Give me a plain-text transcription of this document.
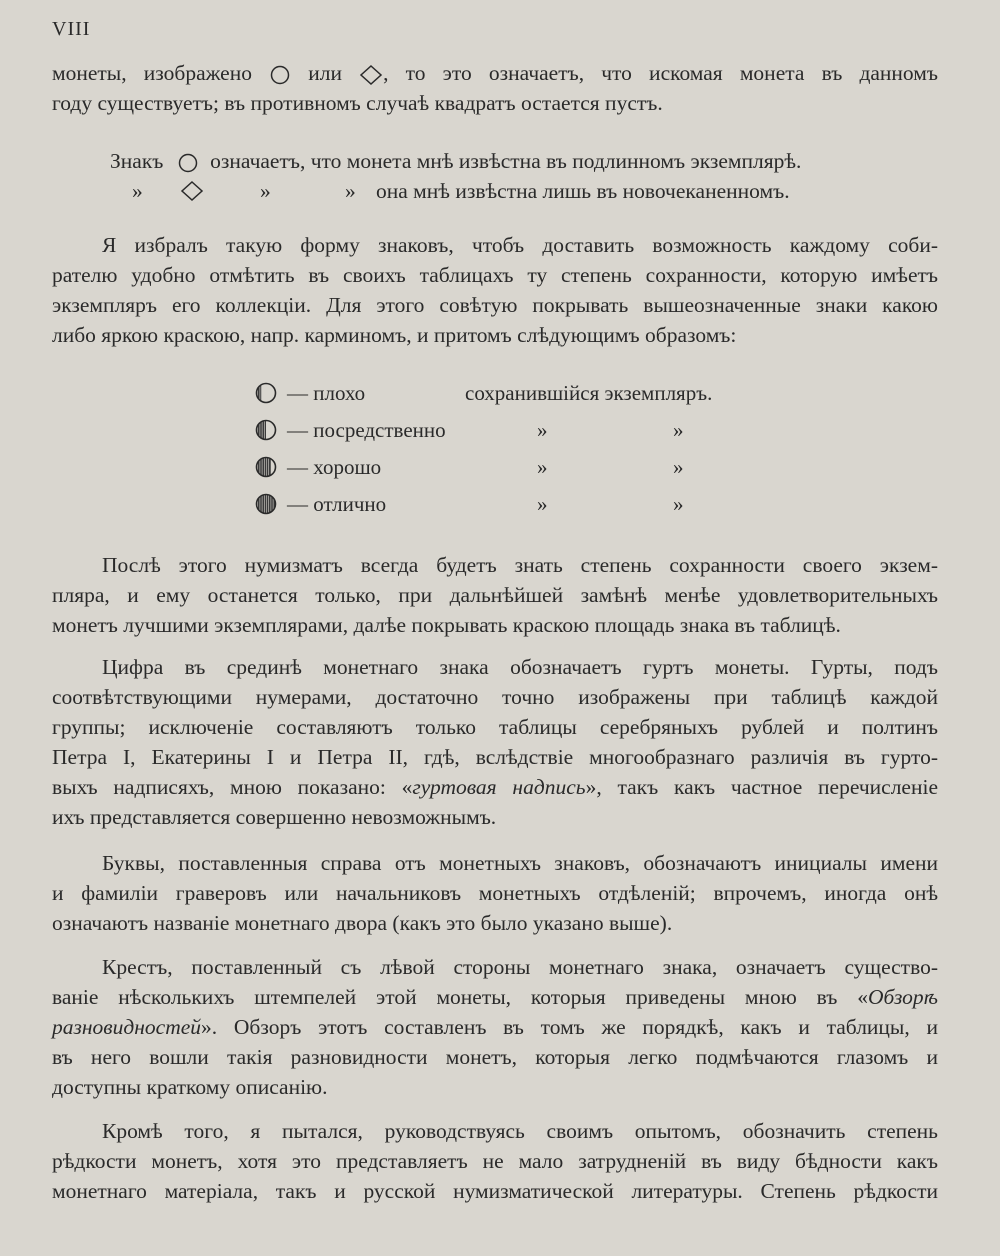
VIII
монеты, изображено	или , то это означаетъ, что искомая монета въ данномъ
году существуетъ; въ противномъ случаѣ квадратъ остается пустъ.
Знакъ означаетъ, что монета мнѣ извѣстна въ подлинномъ экземплярѣ.
»	»	» она мнѣ извѣстна лишь въ новочеканенномъ.
Я избралъ такую форму знаковъ, чтобъ доставить возможность каждому соби-
рателю удобно отмѣтить въ своихъ таблицахъ ту степень сохранности, которую имѣетъ
экземпляръ его коллекціи. Для этого совѣтую покрывать вышеозначенные знаки какою
либо яркою краскою, напр. карминомъ, и притомъ слѣдующимъ образомъ:
— плохо	сохранившійся экземпляръ.
— посредственно	»	»
— хорошо	»	»
— отлично	»	»
Послѣ этого нумизматъ всегда будетъ знать степень сохранности своего экзем-
пляра, и ему останется только, при дальнѣйшей замѣнѣ менѣе удовлетворительныхъ
монетъ лучшими экземплярами, далѣе покрывать краскою площадь знака въ таблицѣ.
Цифра въ срединѣ монетнаго знака обозначаетъ гуртъ монеты. Гурты, подъ
соотвѣтствующими нумерами, достаточно точно изображены при таблицѣ каждой
группы; исключеніе составляютъ только таблицы серебряныхъ рублей и полтинъ
Петра I, Екатерины I и Петра II, гдѣ, вслѣдствіе многообразнаго различія въ гурто-
выхъ надписяхъ, мною показано: «гуртовая надпись», такъ какъ частное перечисленіе
ихъ представляется совершенно невозможнымъ.
Буквы, поставленныя справа отъ монетныхъ знаковъ, обозначаютъ инициалы имени
и фамиліи граверовъ или начальниковъ монетныхъ отдѣленій; впрочемъ, иногда онѣ
означаютъ названіе монетнаго двора (какъ это было указано выше).
Крестъ, поставленный съ лѣвой стороны монетнаго знака, означаетъ существо-
ваніе нѣсколькихъ штемпелей этой монеты, которыя приведены мною въ «Обзорѣ
разновидностей». Обзоръ этотъ составленъ въ томъ же порядкѣ, какъ и таблицы, и
въ него вошли такія разновидности монетъ, которыя легко подмѣчаются глазомъ и
доступны краткому описанію.
Кромѣ того, я пытался, руководствуясь своимъ опытомъ, обозначить степень
рѣдкости монетъ, хотя это представляетъ не мало затрудненій въ виду бѣдности какъ
монетнаго матеріала, такъ и русской нумизматической литературы. Степень рѣдкости
